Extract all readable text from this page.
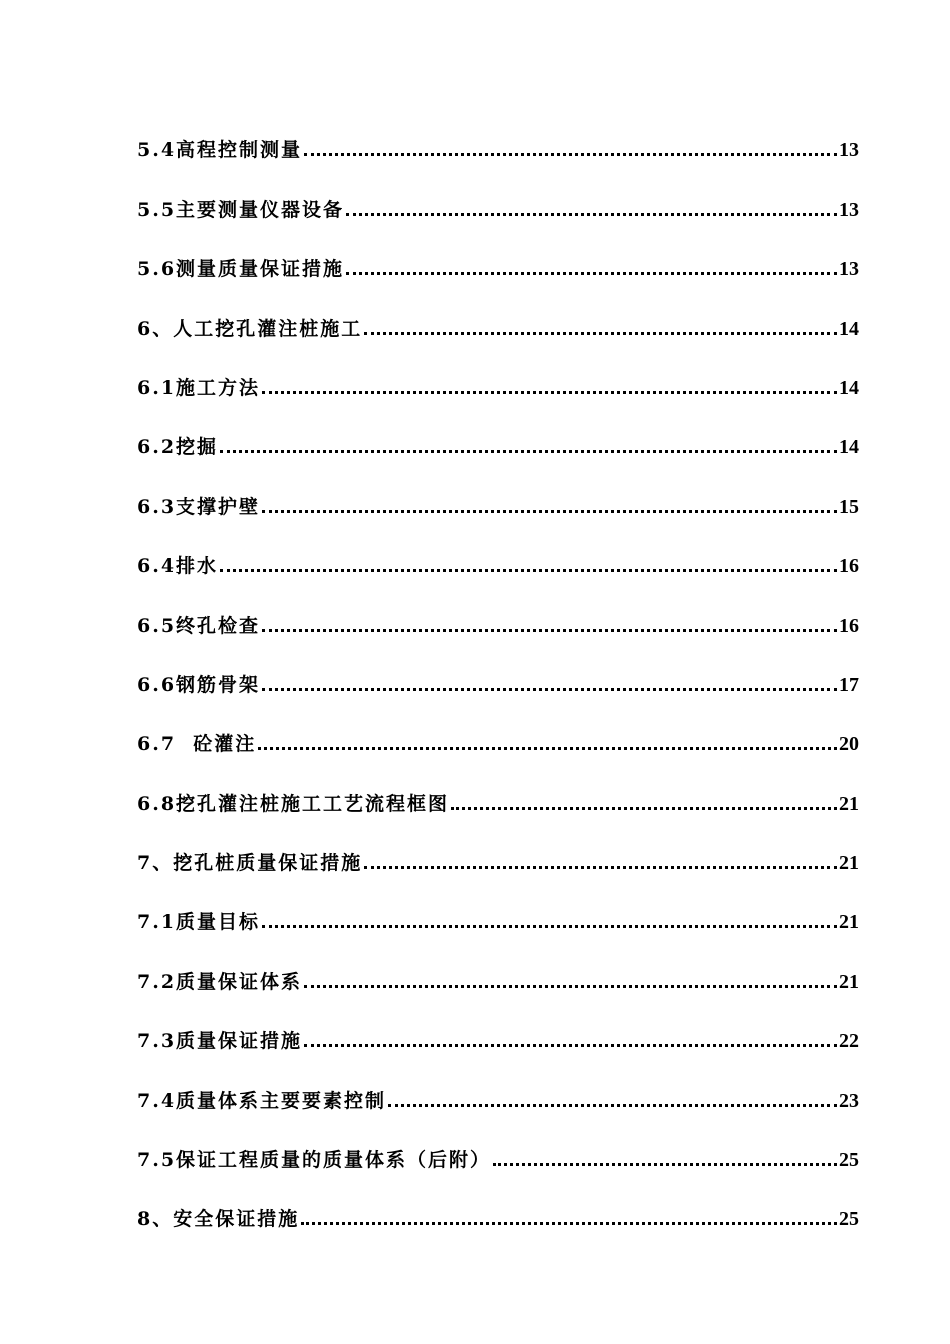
5.4高程控制测量	13
5.5主要测量仪器设备	13
5.6测量质量保证措施	13
6、人工挖孔灌注桩施工	14
6.1施工方法	14
6.2挖掘	14
6.3支撑护壁	15
6.4排水	16
6.5终孔检查	16
6.6钢筋骨架	17
6.7  砼灌注	20
6.8挖孔灌注桩施工工艺流程框图	21
7、挖孔桩质量保证措施	21
7.1质量目标	21
7.2质量保证体系	21
7.3质量保证措施	22
7.4质量体系主要要素控制	23
7.5保证工程质量的质量体系（后附）	25
8、安全保证措施	25
